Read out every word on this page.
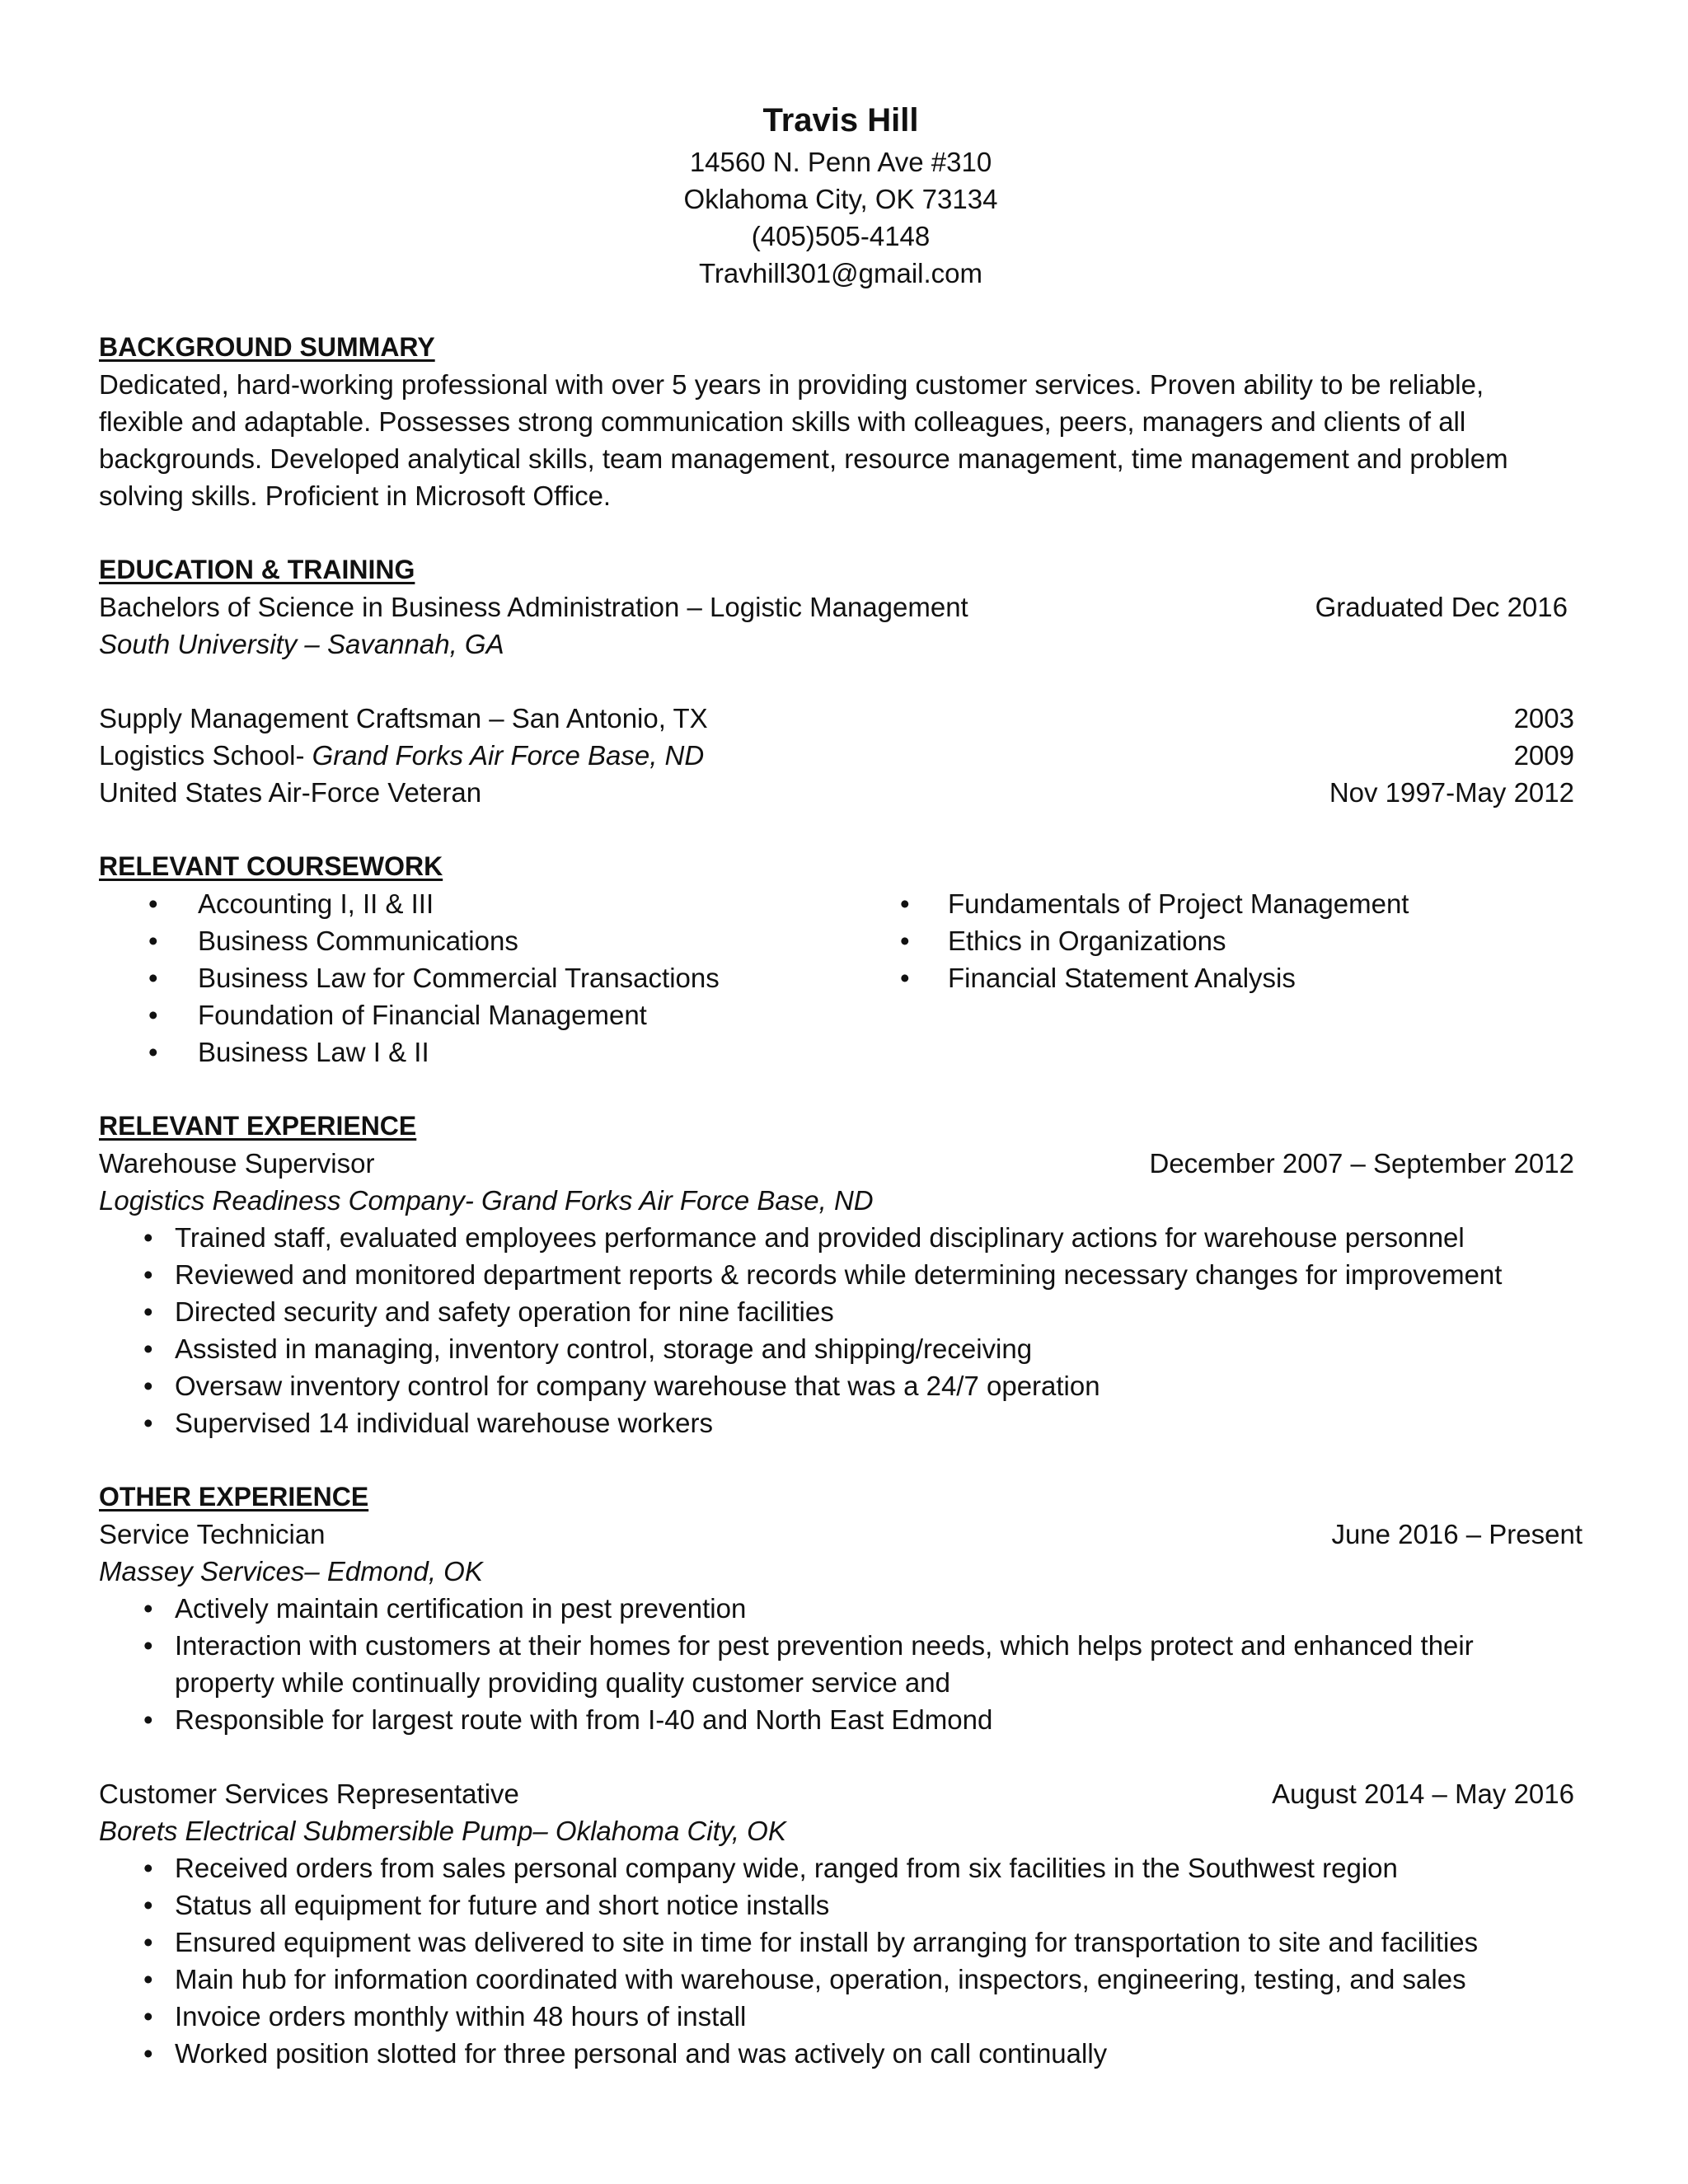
Travis Hill
14560 N. Penn Ave #310
Oklahoma City, OK 73134
(405)505-4148
Travhill301@gmail.com
BACKGROUND SUMMARY
Dedicated, hard-working professional with over 5 years in providing customer services. Proven ability to be reliable,
flexible and adaptable. Possesses strong communication skills with colleagues, peers, managers and clients of all
backgrounds. Developed analytical skills, team management, resource management, time management and problem
solving skills. Proficient in Microsoft Office.
EDUCATION & TRAINING
Bachelors of Science in Business Administration – Logistic Management	Graduated Dec 2016
South University – Savannah, GA
Supply Management Craftsman – San Antonio, TX	2003
Logistics School- Grand Forks Air Force Base, ND	2009
United States Air-Force Veteran	Nov 1997-May 2012
RELEVANT COURSEWORK
• Accounting I, II & III
• Business Communications
• Business Law for Commercial Transactions
• Foundation of Financial Management
• Business Law I & II
• Fundamentals of Project Management
• Ethics in Organizations
• Financial Statement Analysis
RELEVANT EXPERIENCE
Warehouse Supervisor	December 2007 – September 2012
Logistics Readiness Company- Grand Forks Air Force Base, ND
• Trained staff, evaluated employees performance and provided disciplinary actions for warehouse personnel
• Reviewed and monitored department reports & records while determining necessary changes for improvement
• Directed security and safety operation for nine facilities
• Assisted in managing, inventory control, storage and shipping/receiving
• Oversaw inventory control for company warehouse that was a 24/7 operation
• Supervised 14 individual warehouse workers
OTHER EXPERIENCE
Service Technician	June 2016 – Present
Massey Services– Edmond, OK
• Actively maintain certification in pest prevention
• Interaction with customers at their homes for pest prevention needs, which helps protect and enhanced their property while continually providing quality customer service and
• Responsible for largest route with from I-40 and North East Edmond
Customer Services Representative	August 2014 – May 2016
Borets Electrical Submersible Pump– Oklahoma City, OK
• Received orders from sales personal company wide, ranged from six facilities in the Southwest region
• Status all equipment for future and short notice installs
• Ensured equipment was delivered to site in time for install by arranging for transportation to site and facilities
• Main hub for information coordinated with warehouse, operation, inspectors, engineering, testing, and sales
• Invoice orders monthly within 48 hours of install
• Worked position slotted for three personal and was actively on call continually
